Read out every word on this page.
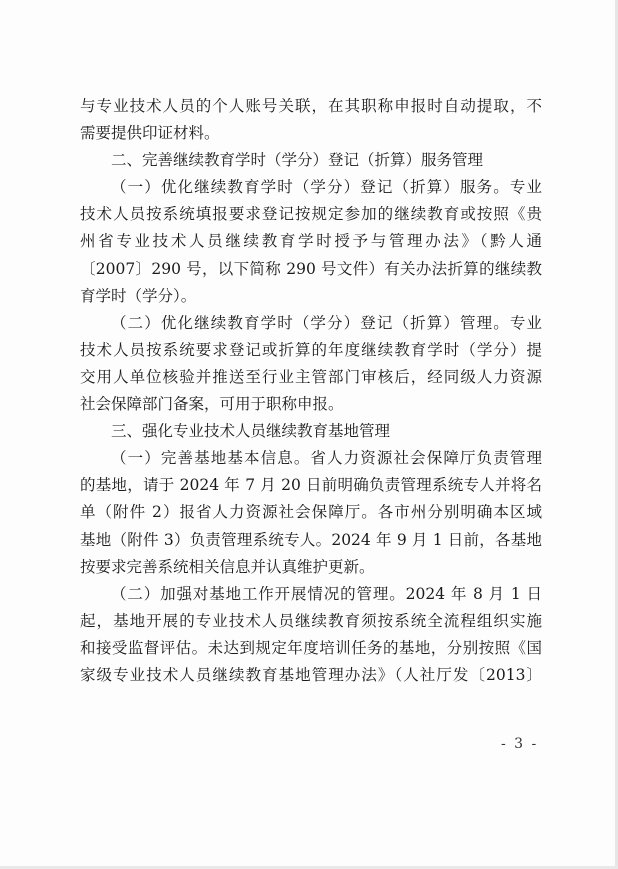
与专业技术人员的个人账号关联，在其职称申报时自动提取，不
需要提供印证材料。
二、完善继续教育学时（学分）登记（折算）服务管理
（一）优化继续教育学时（学分）登记（折算）服务。专业
技术人员按系统填报要求登记按规定参加的继续教育或按照《贵
州省专业技术人员继续教育学时授予与管理办法》（黔人通
〔2007〕290 号，以下简称 290 号文件）有关办法折算的继续教
育学时（学分）。
（二）优化继续教育学时（学分）登记（折算）管理。专业
技术人员按系统要求登记或折算的年度继续教育学时（学分）提
交用人单位核验并推送至行业主管部门审核后，经同级人力资源
社会保障部门备案，可用于职称申报。
三、强化专业技术人员继续教育基地管理
（一）完善基地基本信息。省人力资源社会保障厅负责管理
的基地，请于 2024 年 7 月 20 日前明确负责管理系统专人并将名
单（附件 2）报省人力资源社会保障厅。各市州分别明确本区域
基地（附件 3）负责管理系统专人。2024 年 9 月 1 日前，各基地
按要求完善系统相关信息并认真维护更新。
（二）加强对基地工作开展情况的管理。2024 年 8 月 1 日
起，基地开展的专业技术人员继续教育须按系统全流程组织实施
和接受监督评估。未达到规定年度培训任务的基地，分别按照《国
家级专业技术人员继续教育基地管理办法》（人社厅发〔2013〕
- 3 -
